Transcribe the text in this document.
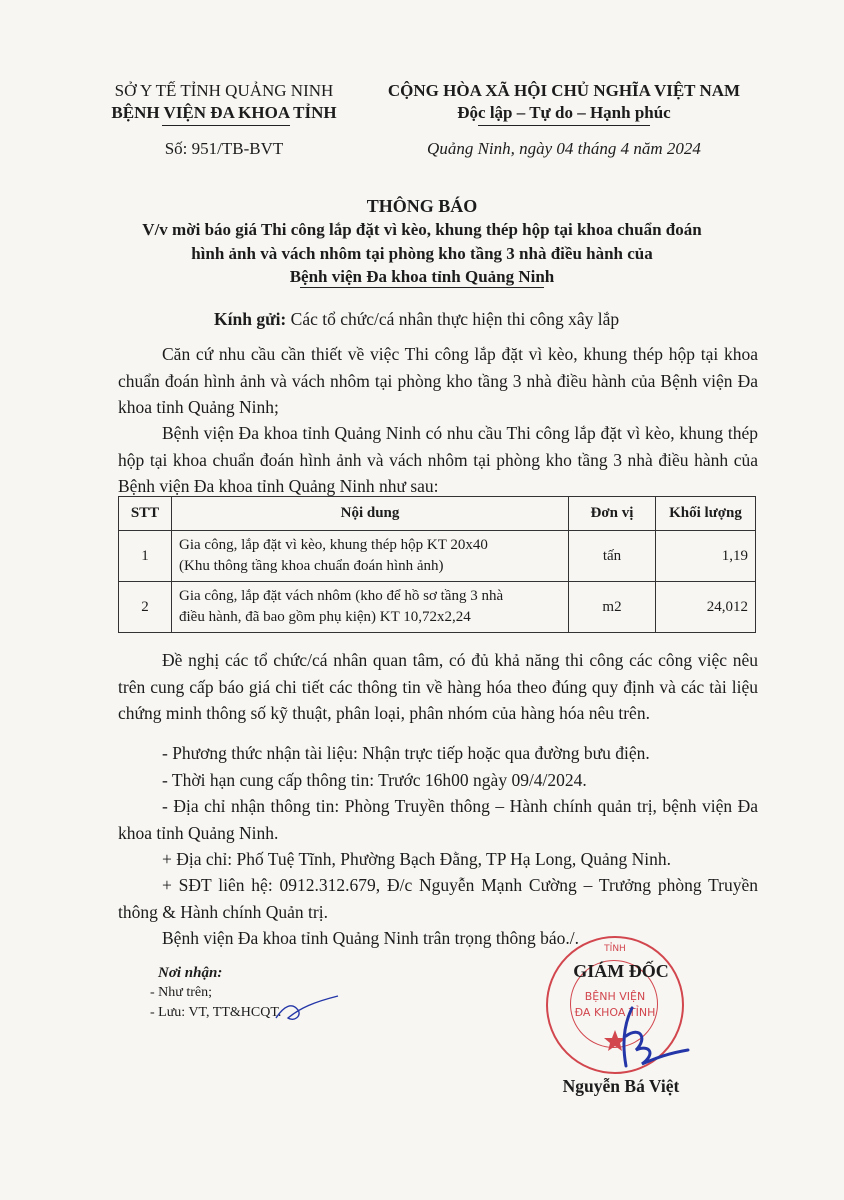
SỞ Y TẾ TỈNH QUẢNG NINH
BỆNH VIỆN ĐA KHOA TỈNH
Số: 951/TB-BVT
CỘNG HÒA XÃ HỘI CHỦ NGHĨA VIỆT NAM
Độc lập – Tự do – Hạnh phúc
Quảng Ninh, ngày 04 tháng 4 năm 2024
THÔNG BÁO
V/v mời báo giá Thi công lắp đặt vì kèo, khung thép hộp tại khoa chuẩn đoán
hình ảnh và vách nhôm tại phòng kho tầng 3 nhà điều hành của
Bệnh viện Đa khoa tỉnh Quảng Ninh
Kính gửi: Các tổ chức/cá nhân thực hiện thi công xây lắp

Căn cứ nhu cầu cần thiết về việc Thi công lắp đặt vì kèo, khung thép hộp tại khoa chuẩn đoán hình ảnh và vách nhôm tại phòng kho tầng 3 nhà điều hành của Bệnh viện Đa khoa tỉnh Quảng Ninh;

Bệnh viện Đa khoa tỉnh Quảng Ninh có nhu cầu Thi công lắp đặt vì kèo, khung thép hộp tại khoa chuẩn đoán hình ảnh và vách nhôm tại phòng kho tầng 3 nhà điều hành của Bệnh viện Đa khoa tỉnh Quảng Ninh như sau:

STT	Nội dung	Đơn vị	Khối lượng
1	Gia công, lắp đặt vì kèo, khung thép hộp KT 20x40
(Khu thông tầng khoa chuẩn đoán hình ảnh)	tấn	1,19
2	Gia công, lắp đặt vách nhôm (kho để hồ sơ tầng 3 nhà
điều hành, đã bao gồm phụ kiện) KT 10,72x2,24	m2	24,012

Đề nghị các tổ chức/cá nhân quan tâm, có đủ khả năng thi công các công việc nêu trên cung cấp báo giá chi tiết các thông tin về hàng hóa theo đúng quy định và các tài liệu chứng minh thông số kỹ thuật, phân loại, phân nhóm của hàng hóa nêu trên.

- Phương thức nhận tài liệu: Nhận trực tiếp hoặc qua đường bưu điện.

- Thời hạn cung cấp thông tin: Trước 16h00 ngày 09/4/2024.

- Địa chỉ nhận thông tin: Phòng Truyền thông – Hành chính quản trị, bệnh viện Đa khoa tỉnh Quảng Ninh.

+ Địa chỉ: Phố Tuệ Tĩnh, Phường Bạch Đằng, TP Hạ Long, Quảng Ninh.

+ SĐT liên hệ: 0912.312.679, Đ/c Nguyễn Mạnh Cường – Trưởng phòng Truyền thông & Hành chính Quản trị.

Bệnh viện Đa khoa tỉnh Quảng Ninh trân trọng thông báo./.

Nơi nhận:
- Như trên;
- Lưu: VT, TT&HCQT.
TỈNH
BỆNH VIỆN
ĐA KHOA TỈNH
GIÁM ĐỐC
Nguyễn Bá Việt
